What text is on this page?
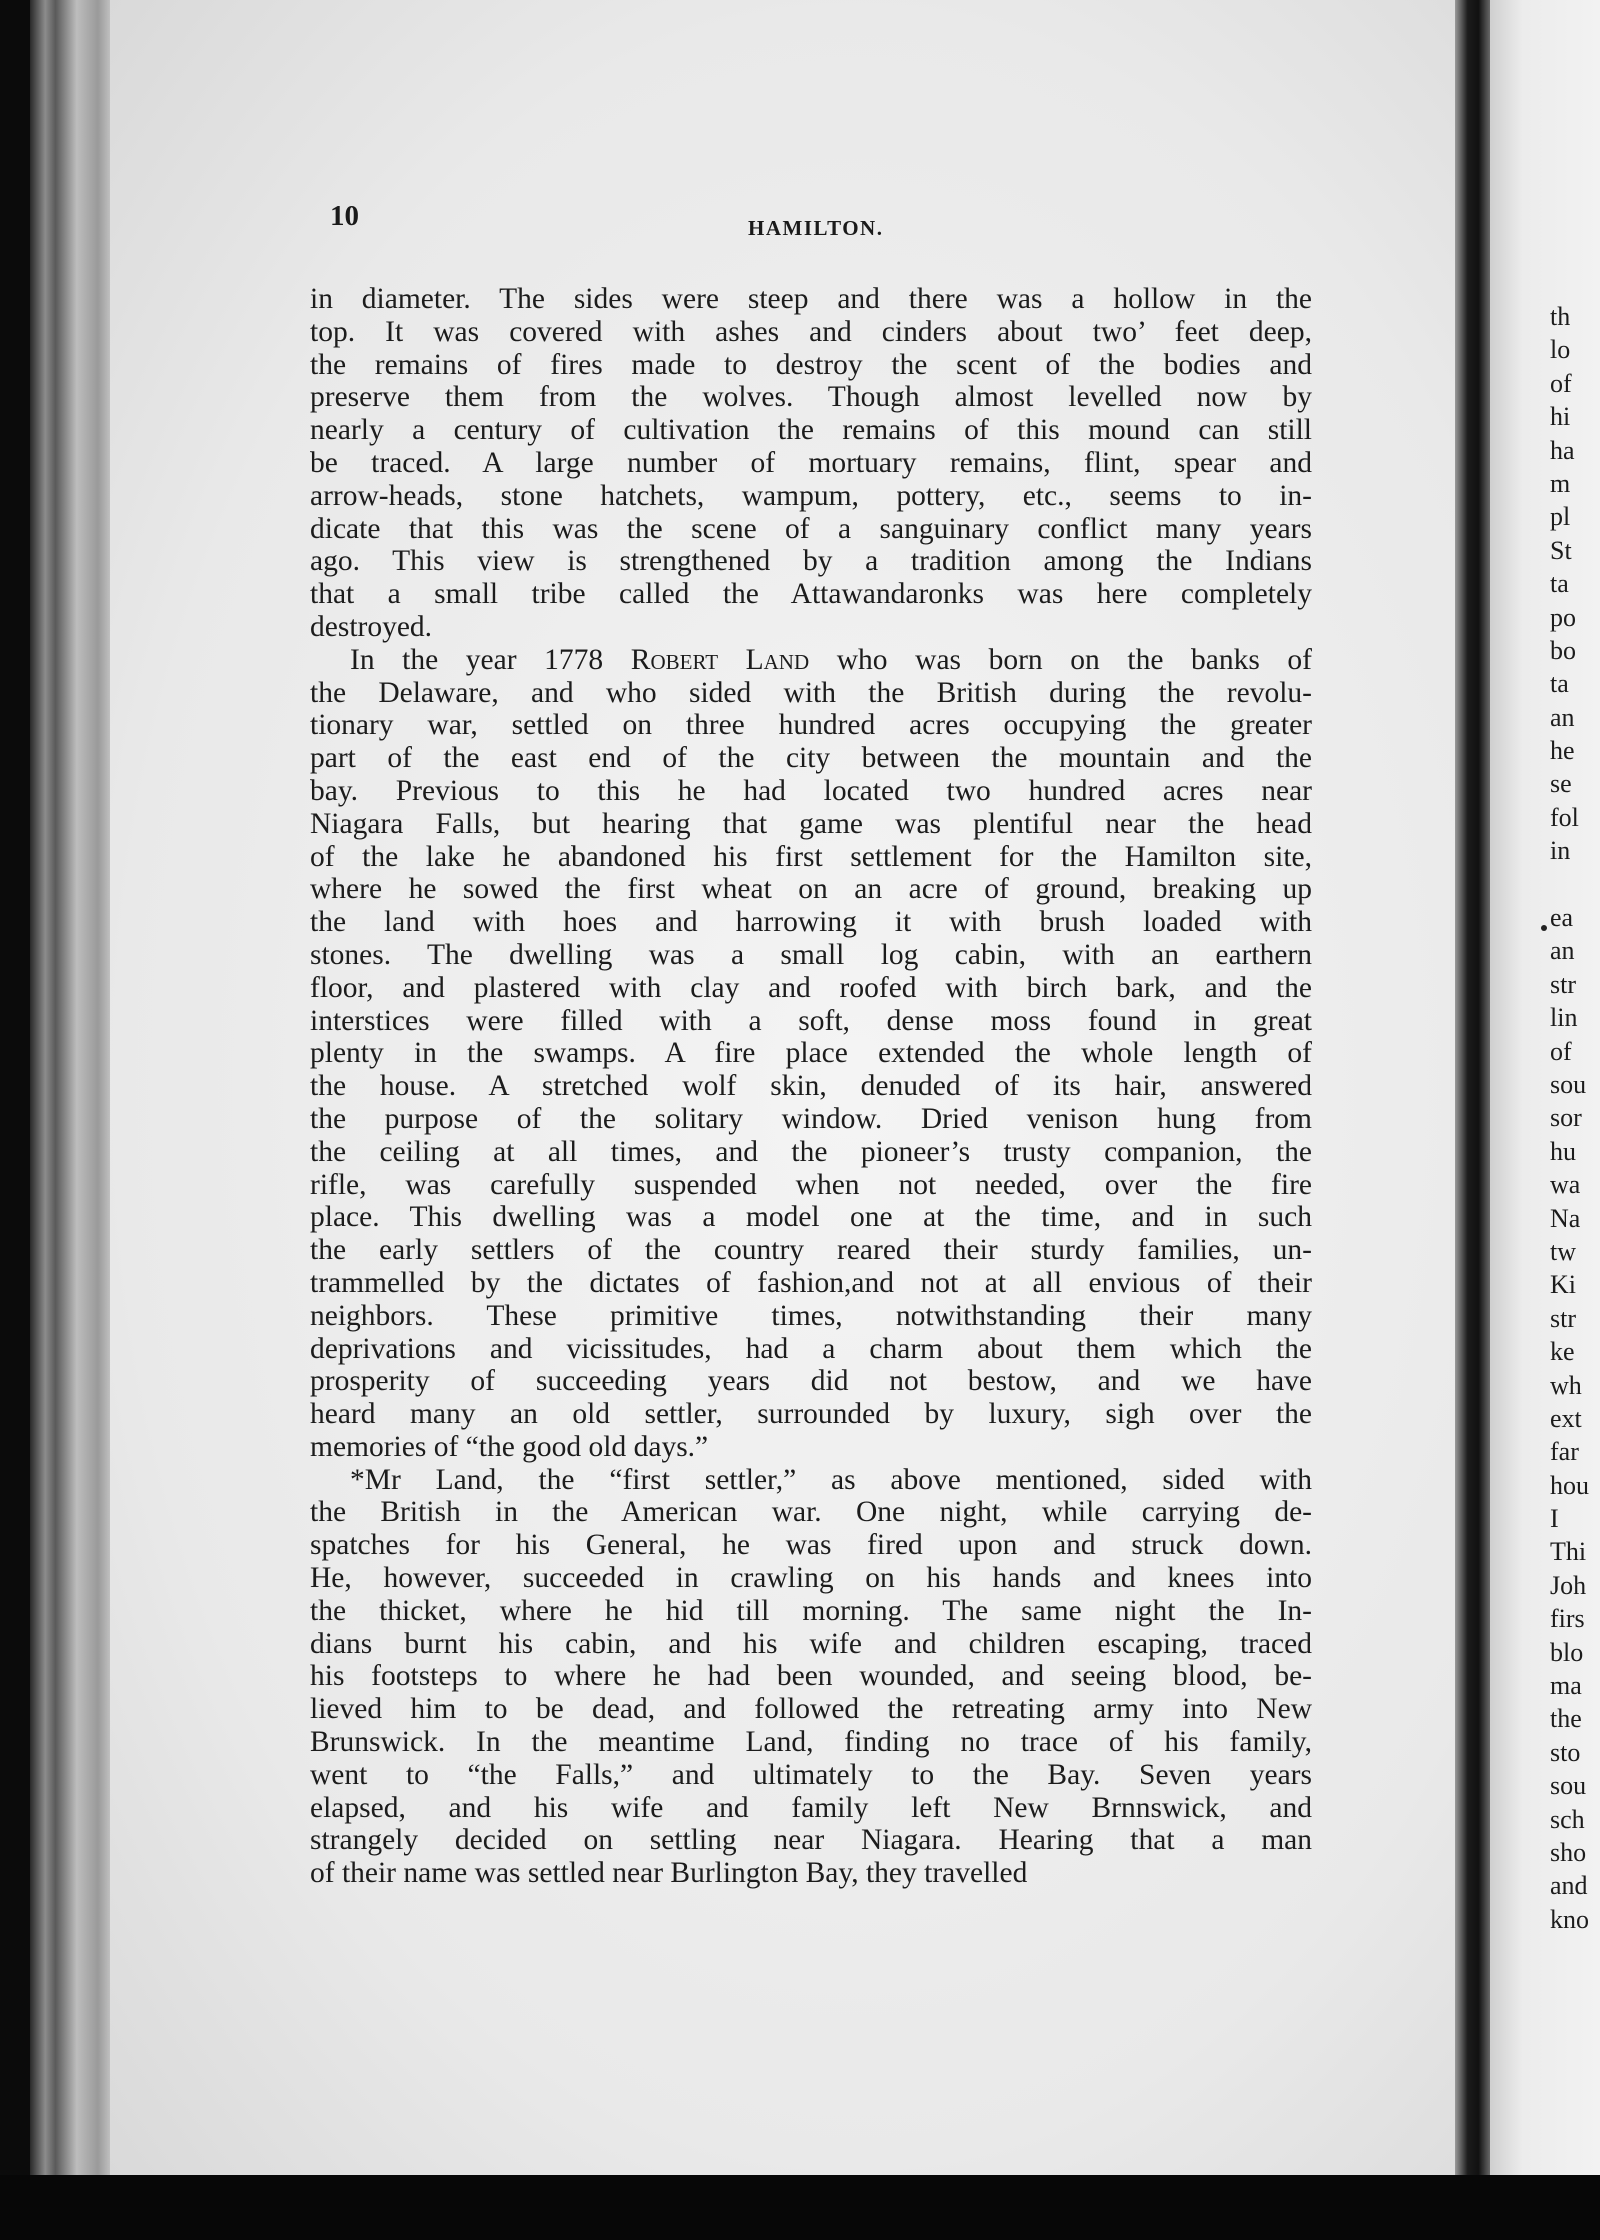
10	HAMILTON.
in diameter. The sides were steep and there was a hollow in the
top. It was covered with ashes and cinders about two’ feet deep,
the remains of fires made to destroy the scent of the bodies and
preserve them from the wolves. Though almost levelled now by
nearly a century of cultivation the remains of this mound can still
be traced. A large number of mortuary remains, flint, spear and
arrow-heads, stone hatchets, wampum, pottery, etc., seems to in-
dicate that this was the scene of a sanguinary conflict many years
ago. This view is strengthened by a tradition among the Indians
that a small tribe called the Attawandaronks was here completely
destroyed.
In the year 1778 Robert Land who was born on the banks of
the Delaware, and who sided with the British during the revolu-
tionary war, settled on three hundred acres occupying the greater
part of the east end of the city between the mountain and the
bay. Previous to this he had located two hundred acres near
Niagara Falls, but hearing that game was plentiful near the head
of the lake he abandoned his first settlement for the Hamilton site,
where he sowed the first wheat on an acre of ground, breaking up
the land with hoes and harrowing it with brush loaded with
stones. The dwelling was a small log cabin, with an earthern
floor, and plastered with clay and roofed with birch bark, and the
interstices were filled with a soft, dense moss found in great
plenty in the swamps. A fire place extended the whole length of
the house. A stretched wolf skin, denuded of its hair, answered
the purpose of the solitary window. Dried venison hung from
the ceiling at all times, and the pioneer’s trusty companion, the
rifle, was carefully suspended when not needed, over the fire
place. This dwelling was a model one at the time, and in such
the early settlers of the country reared their sturdy families, un-
trammelled by the dictates of fashion,and not at all envious of their
neighbors. These primitive times, notwithstanding their many
deprivations and vicissitudes, had a charm about them which the
prosperity of succeeding years did not bestow, and we have
heard many an old settler, surrounded by luxury, sigh over the
memories of “the good old days.”
*Mr Land, the “first settler,” as above mentioned, sided with
the British in the American war. One night, while carrying de-
spatches for his General, he was fired upon and struck down.
He, however, succeeded in crawling on his hands and knees into
the thicket, where he hid till morning. The same night the In-
dians burnt his cabin, and his wife and children escaping, traced
his footsteps to where he had been wounded, and seeing blood, be-
lieved him to be dead, and followed the retreating army into New
Brunswick. In the meantime Land, finding no trace of his family,
went to “the Falls,” and ultimately to the Bay. Seven years
elapsed, and his wife and family left New Brnnswick, and
strangely decided on settling near Niagara. Hearing that a man
of their name was settled near Burlington Bay, they travelled
th
lo
of
hi
ha
m
pl
St
ta
po
bo
ta
an
he
se
fol
in
ea
an
str
lin
of
sou
sor
hu
wa
Na
tw
Ki
str
ke
wh
ext
far
hou
I
Thi
Joh
firs
blo
ma
the
sto
sou
sch
sho
and
kno
